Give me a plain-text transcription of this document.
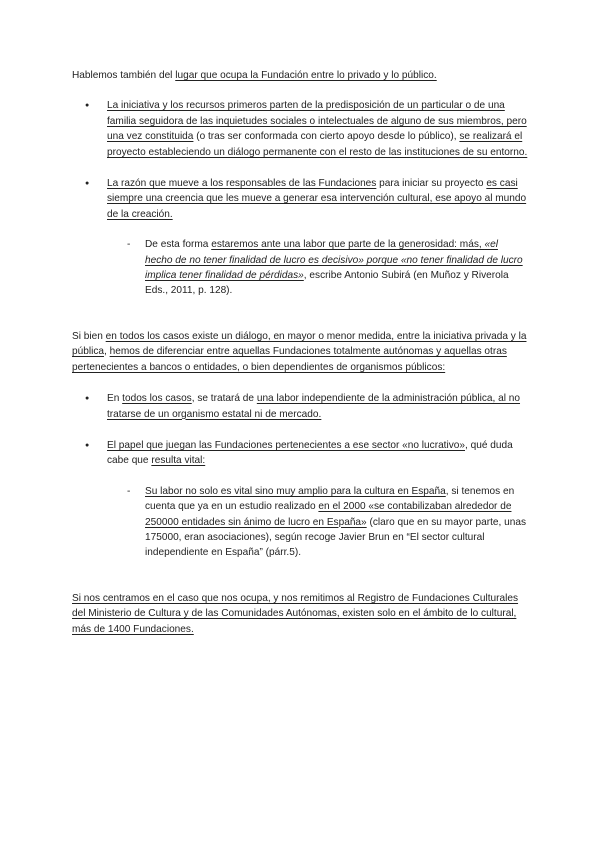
Hablemos también del lugar que ocupa la Fundación entre lo privado y lo público.

● La iniciativa y los recursos primeros parten de la predisposición de un particular o de una familia seguidora de las inquietudes sociales o intelectuales de alguno de sus miembros, pero una vez constituida (o tras ser conformada con cierto apoyo desde lo público), se realizará el proyecto estableciendo un diálogo permanente con el resto de las instituciones de su entorno.
● La razón que mueve a los responsables de las Fundaciones para iniciar su proyecto es casi siempre una creencia que les mueve a generar esa intervención cultural, ese apoyo al mundo de la creación.
- De esta forma estaremos ante una labor que parte de la generosidad: más, «el hecho de no tener finalidad de lucro es decisivo» porque «no tener finalidad de lucro implica tener finalidad de pérdidas», escribe Antonio Subirá (en Muñoz y Riverola Eds., 2011, p. 128).

Si bien en todos los casos existe un diálogo, en mayor o menor medida, entre la iniciativa privada y la pública, hemos de diferenciar entre aquellas Fundaciones totalmente autónomas y aquellas otras pertenecientes a bancos o entidades, o bien dependientes de organismos públicos:

● En todos los casos, se tratará de una labor independiente de la administración pública, al no tratarse de un organismo estatal ni de mercado.
● El papel que juegan las Fundaciones pertenecientes a ese sector «no lucrativo», qué duda cabe que resulta vital:
- Su labor no solo es vital sino muy amplio para la cultura en España, si tenemos en cuenta que ya en un estudio realizado en el 2000 «se contabilizaban alrededor de 250000 entidades sin ánimo de lucro en España» (claro que en su mayor parte, unas 175000, eran asociaciones), según recoge Javier Brun en “El sector cultural independiente en España” (párr.5).

Si nos centramos en el caso que nos ocupa, y nos remitimos al Registro de Fundaciones Culturales del Ministerio de Cultura y de las Comunidades Autónomas, existen solo en el ámbito de lo cultural, más de 1400 Fundaciones.
